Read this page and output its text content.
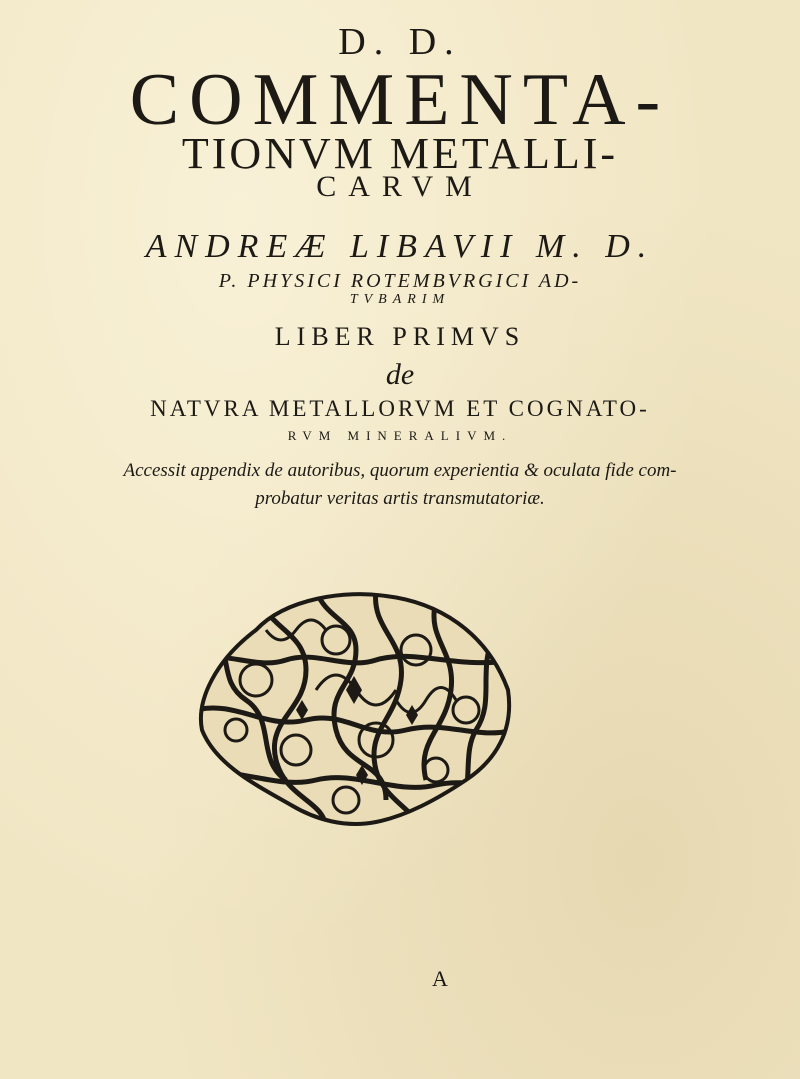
D. D.
COMMENTA-
TIONVM METALLI-
CARVM
ANDREÆ LIBAVII M. D.
P. PHYSICI ROTEMBVRGICI AD-
TVBARIM
LIBER PRIMVS
de
NATVRA METALLORVM ET COGNATO-
RVM MINERALIVM.
Accessit appendix de autoribus, quorum experientia & oculata fide com-
probatur veritas artis transmutatoriæ.
A
